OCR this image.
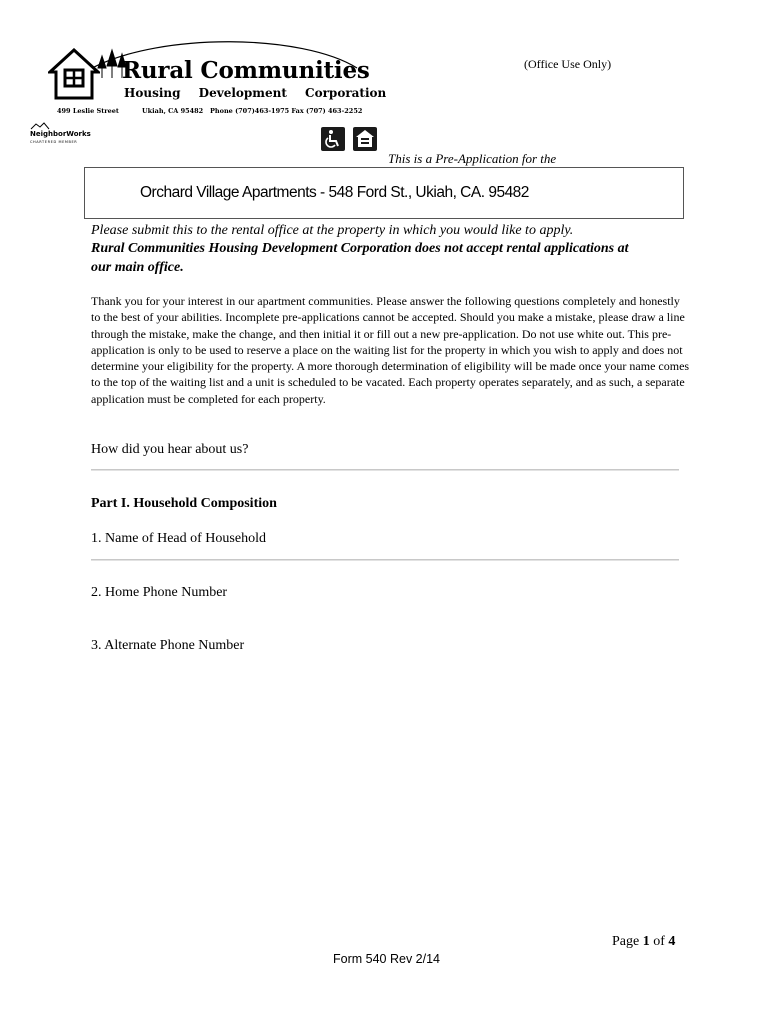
Rural Communities
Housing Development Corporation
499 Leslie Street	Ukiah, CA 95482 Phone (707)463-1975 Fax (707) 463-2252
NeighborWorks
CHARTERED MEMBER
(Office Use Only)
This is a Pre-Application for the
Orchard Village Apartments - 548 Ford St., Ukiah, CA. 95482
Please submit this to the rental office at the property in which you would like to apply.
Rural Communities Housing Development Corporation does not accept rental applications at
our main office.
Thank you for your interest in our apartment communities. Please answer the following questions completely and honestly to the best of your abilities. Incomplete pre-applications cannot be accepted. Should you make a mistake, please draw a line through the mistake, make the change, and then initial it or fill out a new pre-application. Do not use white out. This pre-application is only to be used to reserve a place on the waiting list for the property in which you wish to apply and does not determine your eligibility for the property. A more thorough determination of eligibility will be made once your name comes to the top of the waiting list and a unit is scheduled to be vacated. Each property operates separately, and as such, a separate application must be completed for each property.
How did you hear about us?
Part I. Household Composition
1. Name of Head of Household
2. Home Phone Number
3. Alternate Phone Number
Page 1 of 4
Form 540 Rev 2/14
